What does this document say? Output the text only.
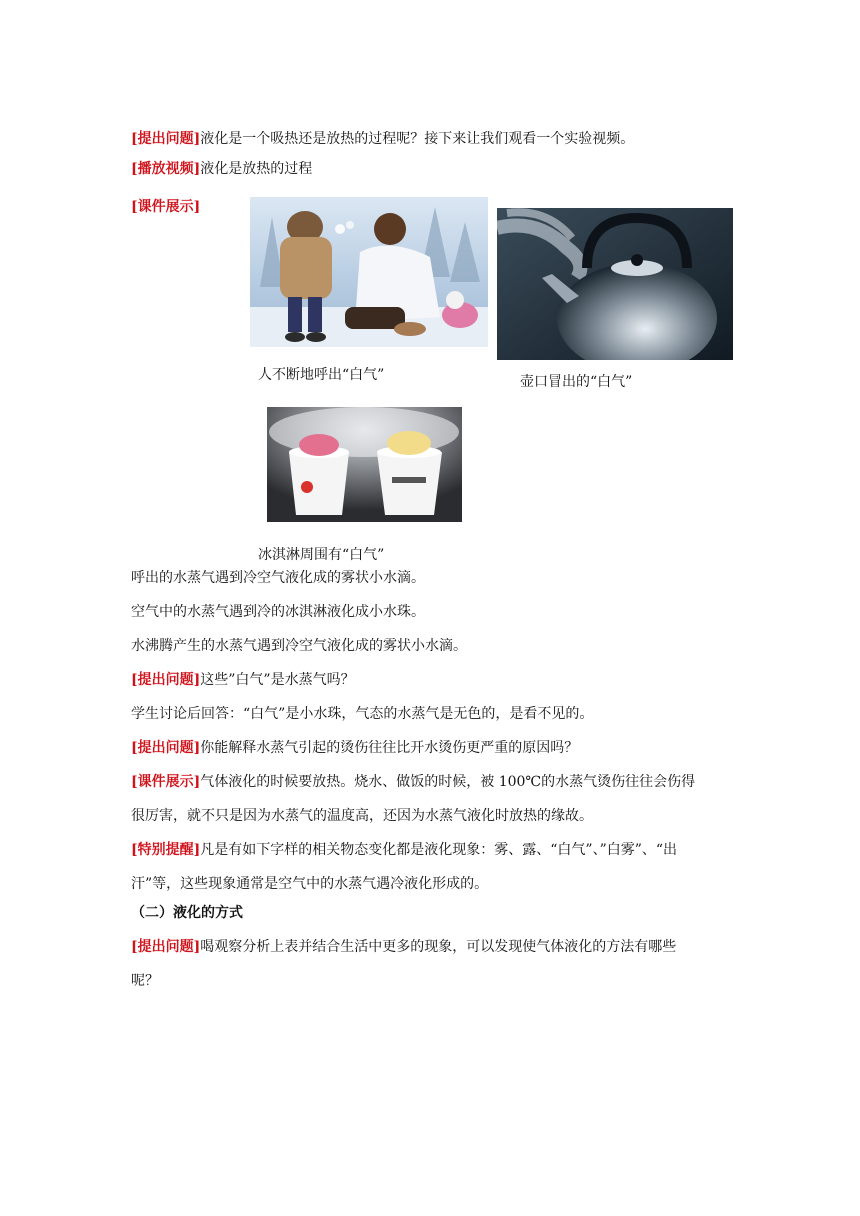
[提出问题]液化是一个吸热还是放热的过程呢？接下来让我们观看一个实验视频。
[播放视频]液化是放热的过程
[课件展示]
人不断地呼出“白气”	壶口冒出的“白气”
冰淇淋周围有“白气”
呼出的水蒸气遇到冷空气液化成的雾状小水滴。
空气中的水蒸气遇到冷的冰淇淋液化成小水珠。
水沸腾产生的水蒸气遇到冷空气液化成的雾状小水滴。
[提出问题]这些”白气”是水蒸气吗？
学生讨论后回答：“白气”是小水珠，气态的水蒸气是无色的，是看不见的。
[提出问题]你能解释水蒸气引起的烫伤往往比开水烫伤更严重的原因吗？
[课件展示]气体液化的时候要放热。烧水、做饭的时候，被 100℃的水蒸气烫伤往往会伤得
很厉害，就不只是因为水蒸气的温度高，还因为水蒸气液化时放热的缘故。
[特别提醒]凡是有如下字样的相关物态变化都是液化现象：雾、露、“白气”、”白雾”、“出
汗”等，这些现象通常是空气中的水蒸气遇冷液化形成的。
（二）液化的方式
[提出问题]喝观察分析上表并结合生活中更多的现象，可以发现使气体液化的方法有哪些
呢？
